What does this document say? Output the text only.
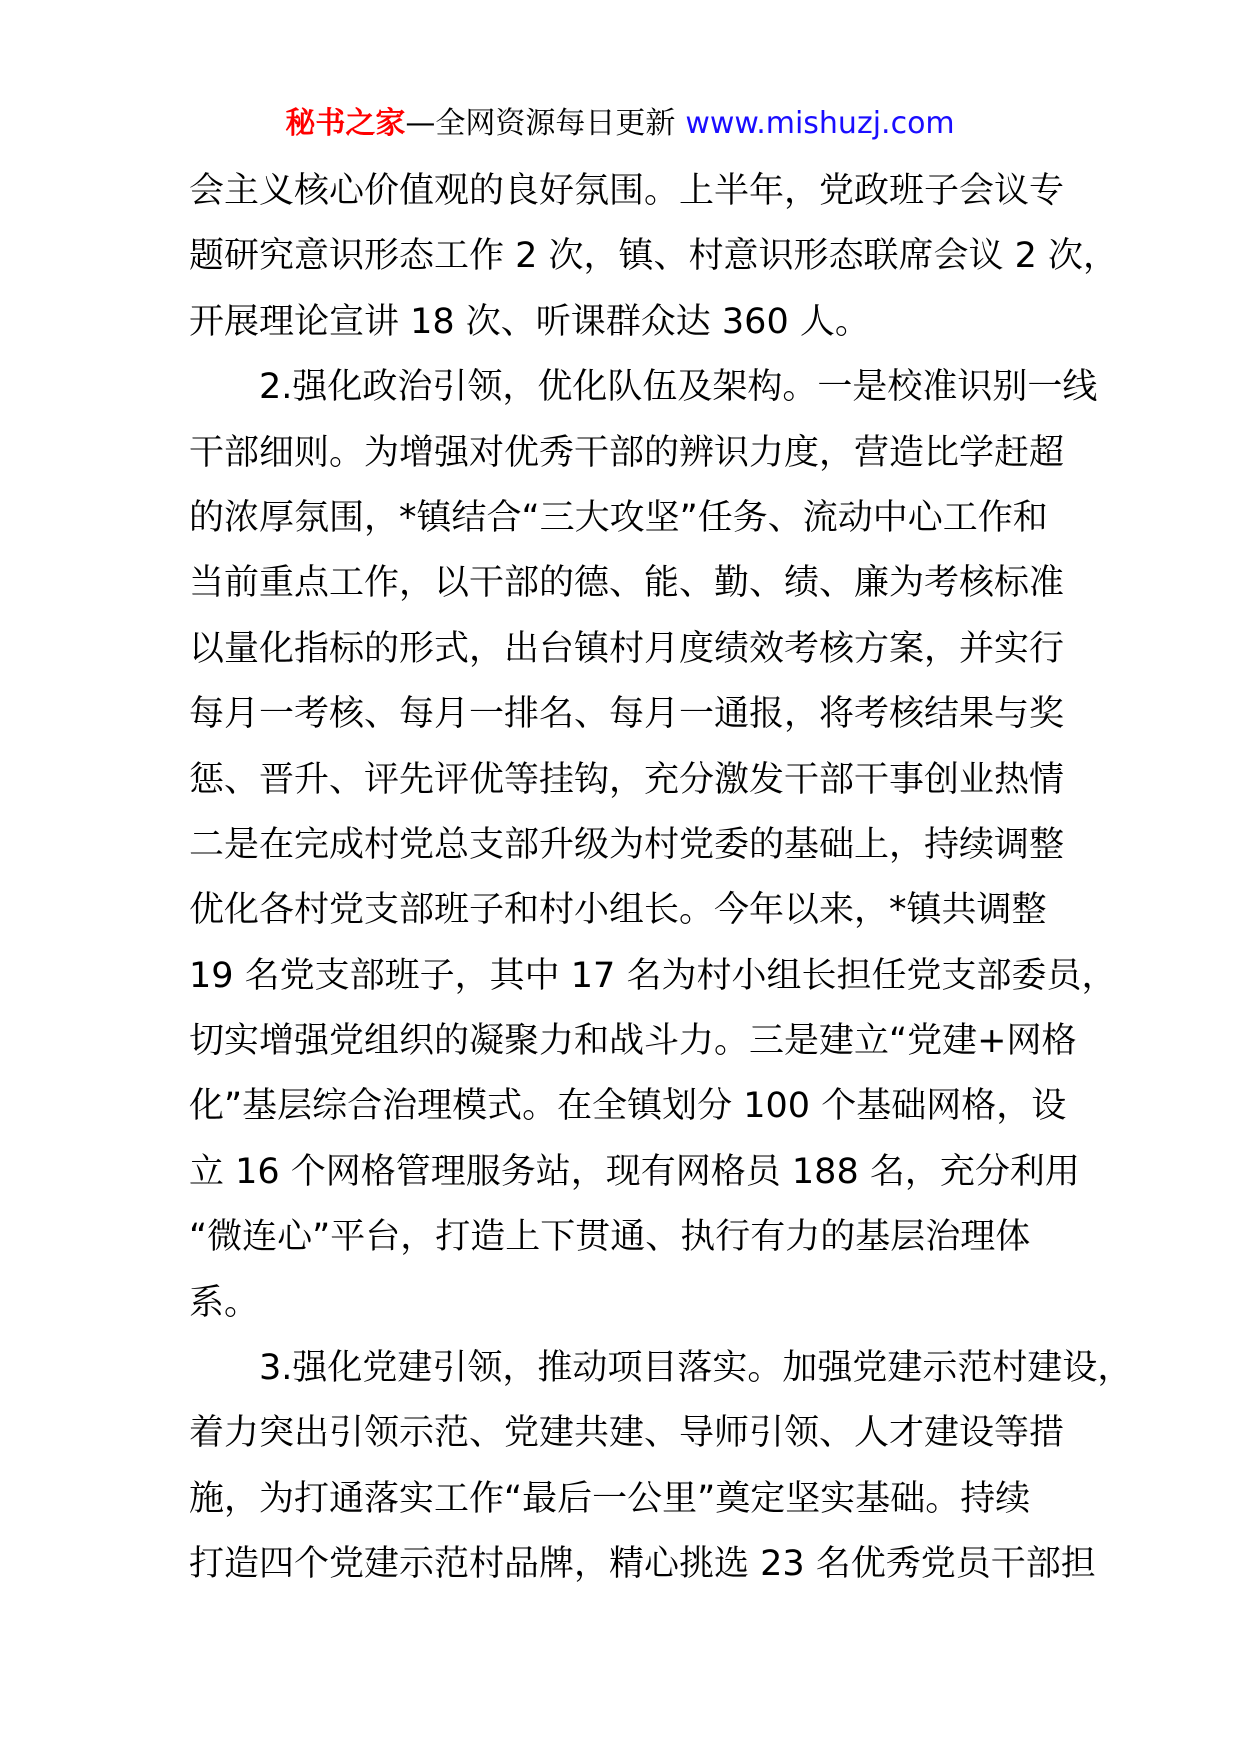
秘书之家—全网资源每日更新 www.mishuzj.com
会主义核心价值观的良好氛围。上半年，党政班子会议专
题研究意识形态工作 2 次，镇、村意识形态联席会议 2 次，
开展理论宣讲 18 次、听课群众达 360 人。
2.强化政治引领，优化队伍及架构。一是校准识别一线
干部细则。为增强对优秀干部的辨识力度，营造比学赶超
的浓厚氛围，*镇结合“三大攻坚”任务、流动中心工作和
当前重点工作，以干部的德、能、勤、绩、廉为考核标准
以量化指标的形式，出台镇村月度绩效考核方案，并实行
每月一考核、每月一排名、每月一通报，将考核结果与奖
惩、晋升、评先评优等挂钩，充分激发干部干事创业热情
二是在完成村党总支部升级为村党委的基础上，持续调整
优化各村党支部班子和村小组长。今年以来，*镇共调整
19 名党支部班子，其中 17 名为村小组长担任党支部委员，
切实增强党组织的凝聚力和战斗力。三是建立“党建+网格
化”基层综合治理模式。在全镇划分 100 个基础网格，设
立 16 个网格管理服务站，现有网格员 188 名，充分利用
“微连心”平台，打造上下贯通、执行有力的基层治理体
系。
3.强化党建引领，推动项目落实。加强党建示范村建设，
着力突出引领示范、党建共建、导师引领、人才建设等措
施，为打通落实工作“最后一公里”奠定坚实基础。持续
打造四个党建示范村品牌，精心挑选 23 名优秀党员干部担
